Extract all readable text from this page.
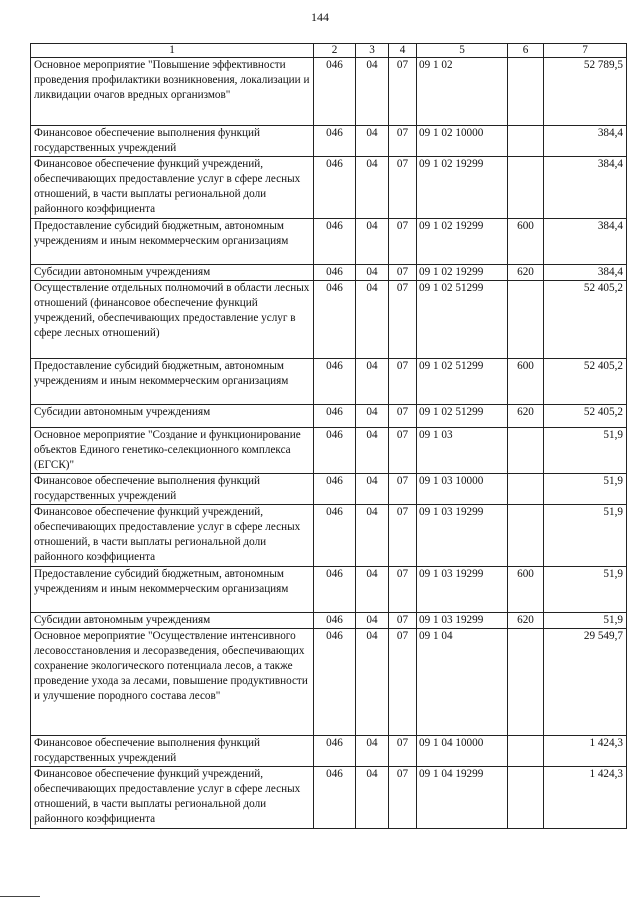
144
1	2	3	4	5	6	7
Основное мероприятие "Повышение эффективности проведения профилактики возникновения, локализации и ликвидации очагов вредных организмов"	046	04	07	09 1 02		52 789,5
Финансовое обеспечение выполнения функций государственных учреждений	046	04	07	09 1 02 10000		384,4
Финансовое обеспечение функций учреждений, обеспечивающих предоставление услуг в сфере лесных отношений, в части выплаты региональной доли районного коэффициента	046	04	07	09 1 02 19299		384,4
Предоставление субсидий бюджетным, автономным учреждениям и иным некоммерческим организациям	046	04	07	09 1 02 19299	600	384,4
Субсидии автономным учреждениям	046	04	07	09 1 02 19299	620	384,4
Осуществление отдельных полномочий в области лесных отношений (финансовое обеспечение функций учреждений, обеспечивающих предоставление услуг в сфере лесных отношений)	046	04	07	09 1 02 51299		52 405,2
Предоставление субсидий бюджетным, автономным учреждениям и иным некоммерческим организациям	046	04	07	09 1 02 51299	600	52 405,2
Субсидии автономным учреждениям	046	04	07	09 1 02 51299	620	52 405,2
Основное мероприятие "Создание и функционирование объектов Единого генетико-селекционного комплекса (ЕГСК)"	046	04	07	09 1 03		51,9
Финансовое обеспечение выполнения функций государственных учреждений	046	04	07	09 1 03 10000		51,9
Финансовое обеспечение функций учреждений, обеспечивающих предоставление услуг в сфере лесных отношений, в части выплаты региональной доли районного коэффициента	046	04	07	09 1 03 19299		51,9
Предоставление субсидий бюджетным, автономным учреждениям и иным некоммерческим организациям	046	04	07	09 1 03 19299	600	51,9
Субсидии автономным учреждениям	046	04	07	09 1 03 19299	620	51,9
Основное мероприятие "Осуществление интенсивного лесовосстановления и лесоразведения, обеспечивающих сохранение экологического потенциала лесов, а также проведение ухода за лесами, повышение продуктивности и улучшение породного состава лесов"	046	04	07	09 1 04		29 549,7
Финансовое обеспечение выполнения функций государственных учреждений	046	04	07	09 1 04 10000		1 424,3
Финансовое обеспечение функций учреждений, обеспечивающих предоставление услуг в сфере лесных отношений, в части выплаты региональной доли районного коэффициента	046	04	07	09 1 04 19299		1 424,3
